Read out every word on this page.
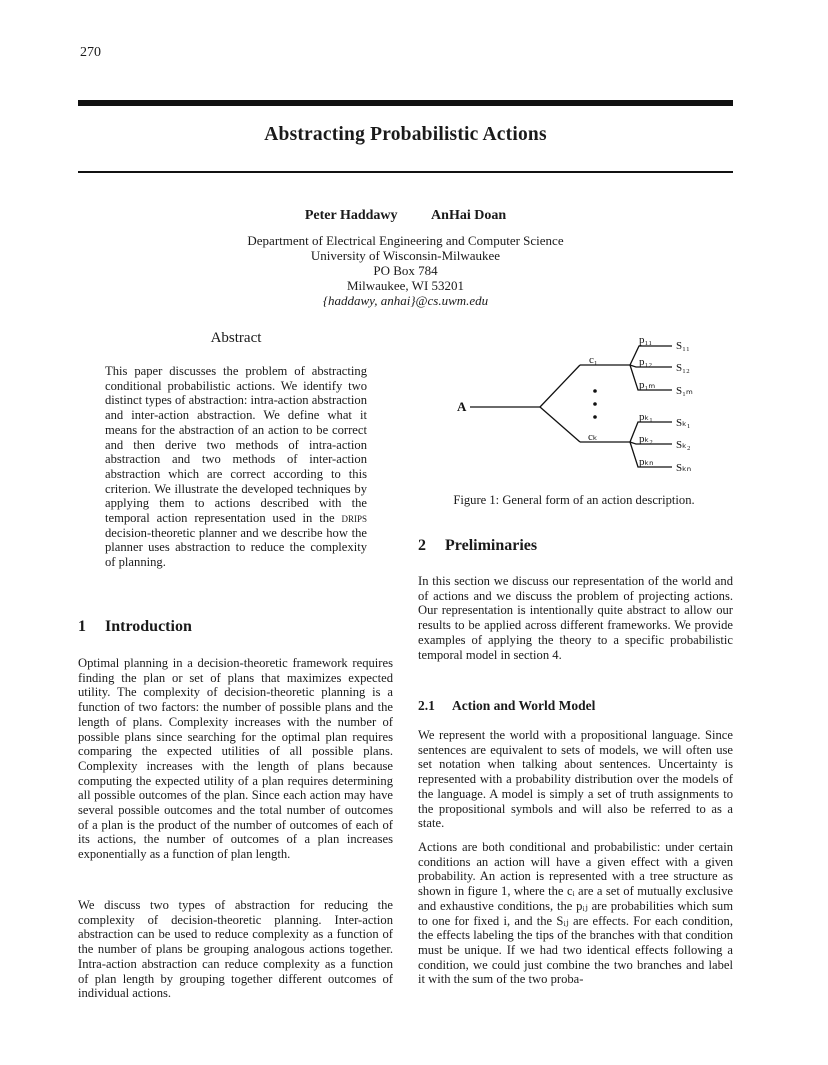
270
Abstracting Probabilistic Actions
Peter Haddawy AnHai Doan
Department of Electrical Engineering and Computer Science
University of Wisconsin-Milwaukee
PO Box 784
Milwaukee, WI 53201
{haddawy, anhai}@cs.uwm.edu
Abstract
This paper discusses the problem of abstracting conditional probabilistic actions. We identify two distinct types of abstraction: intra-action abstraction and inter-action abstraction. We define what it means for the abstraction of an action to be correct and then derive two methods of intra-action abstraction and two methods of inter-action abstraction which are correct according to this criterion. We illustrate the developed techniques by applying them to actions described with the temporal action representation used in the drips decision-theoretic planner and we describe how the planner uses abstraction to reduce the complexity of planning.
1 Introduction
Optimal planning in a decision-theoretic framework requires finding the plan or set of plans that maximizes expected utility. The complexity of decision-theoretic planning is a function of two factors: the number of possible plans and the length of plans. Complexity increases with the number of possible plans since searching for the optimal plan requires comparing the expected utilities of all possible plans. Complexity increases with the length of plans because computing the expected utility of a plan requires determining all possible outcomes of the plan. Since each action may have several possible outcomes and the total number of outcomes of a plan is the product of the number of outcomes of each of its actions, the number of outcomes of a plan increases exponentially as a function of plan length.
We discuss two types of abstraction for reducing the complexity of decision-theoretic planning. Inter-action abstraction can be used to reduce complexity as a function of the number of plans be grouping analogous actions together. Intra-action abstraction can reduce complexity as a function of plan length by grouping together different outcomes of individual actions.
A
c₁
cₖ
p₁₁
p₁₂
p₁ₘ
pₖ₁
pₖ₂
pₖₙ
S₁₁
S₁₂
S₁ₘ
Sₖ₁
Sₖ₂
Sₖₙ
Figure 1: General form of an action description.
2 Preliminaries
In this section we discuss our representation of the world and of actions and we discuss the problem of projecting actions. Our representation is intentionally quite abstract to allow our results to be applied across different frameworks. We provide examples of applying the theory to a specific probabilistic temporal model in section 4.
2.1 Action and World Model
We represent the world with a propositional language. Since sentences are equivalent to sets of models, we will often use set notation when talking about sentences. Uncertainty is represented with a probability distribution over the models of the language. A model is simply a set of truth assignments to the propositional symbols and will also be referred to as a state.
Actions are both conditional and probabilistic: under certain conditions an action will have a given effect with a given probability. An action is represented with a tree structure as shown in figure 1, where the cᵢ are a set of mutually exclusive and exhaustive conditions, the pᵢⱼ are probabilities which sum to one for fixed i, and the Sᵢⱼ are effects. For each condition, the effects labeling the tips of the branches with that condition must be unique. If we had two identical effects following a condition, we could just combine the two branches and label it with the sum of the two proba-
